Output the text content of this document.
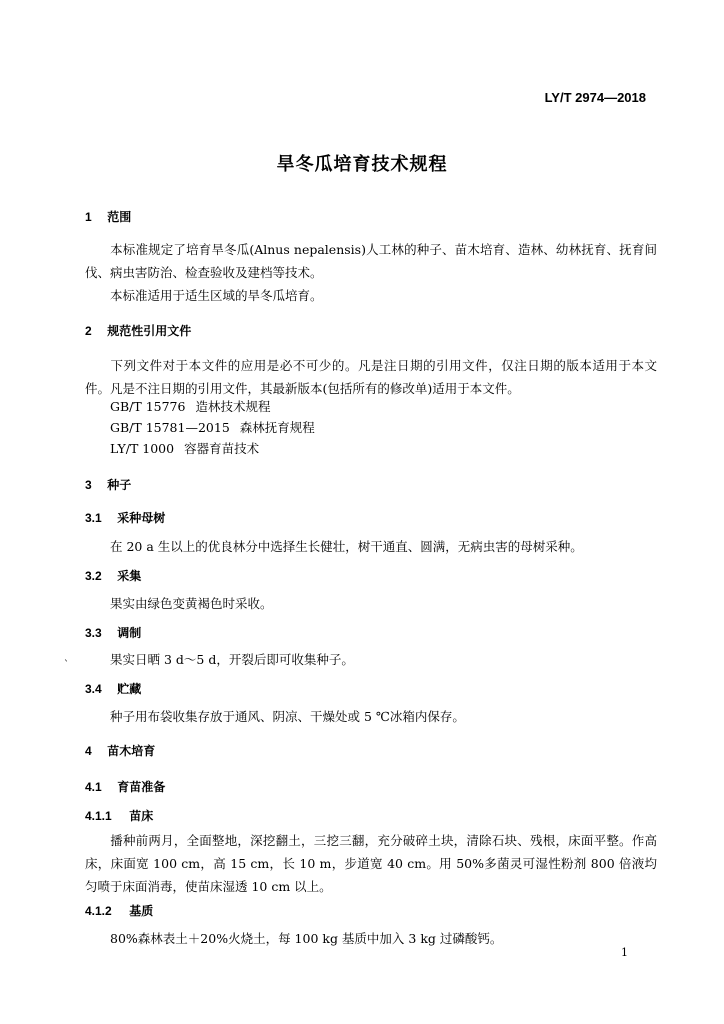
LY/T 2974—2018
旱冬瓜培育技术规程
1 范围
本标准规定了培育旱冬瓜(Alnus nepalensis)人工林的种子、苗木培育、造林、幼林抚育、抚育间伐、病虫害防治、检查验收及建档等技术。
本标准适用于适生区域的旱冬瓜培育。
2 规范性引用文件
下列文件对于本文件的应用是必不可少的。凡是注日期的引用文件，仅注日期的版本适用于本文件。凡是不注日期的引用文件，其最新版本(包括所有的修改单)适用于本文件。
GB/T 15776 造林技术规程
GB/T 15781—2015 森林抚育规程
LY/T 1000 容器育苗技术
3 种子
3.1 采种母树
在 20 a 生以上的优良林分中选择生长健壮，树干通直、圆满，无病虫害的母树采种。
3.2 采集
果实由绿色变黄褐色时采收。
3.3 调制
果实日晒 3 d～5 d，开裂后即可收集种子。
3.4 贮藏
种子用布袋收集存放于通风、阴凉、干燥处或 5 ℃冰箱内保存。
4 苗木培育
4.1 育苗准备
4.1.1 苗床
播种前两月，全面整地，深挖翻土，三挖三翻，充分破碎土块，清除石块、残根，床面平整。作高床，床面宽 100 cm，高 15 cm，长 10 m，步道宽 40 cm。用 50%多菌灵可湿性粉剂 800 倍液均匀喷于床面消毒，使苗床湿透 10 cm 以上。
4.1.2 基质
80%森林表土＋20%火烧土，每 100 kg 基质中加入 3 kg 过磷酸钙。
`
1
